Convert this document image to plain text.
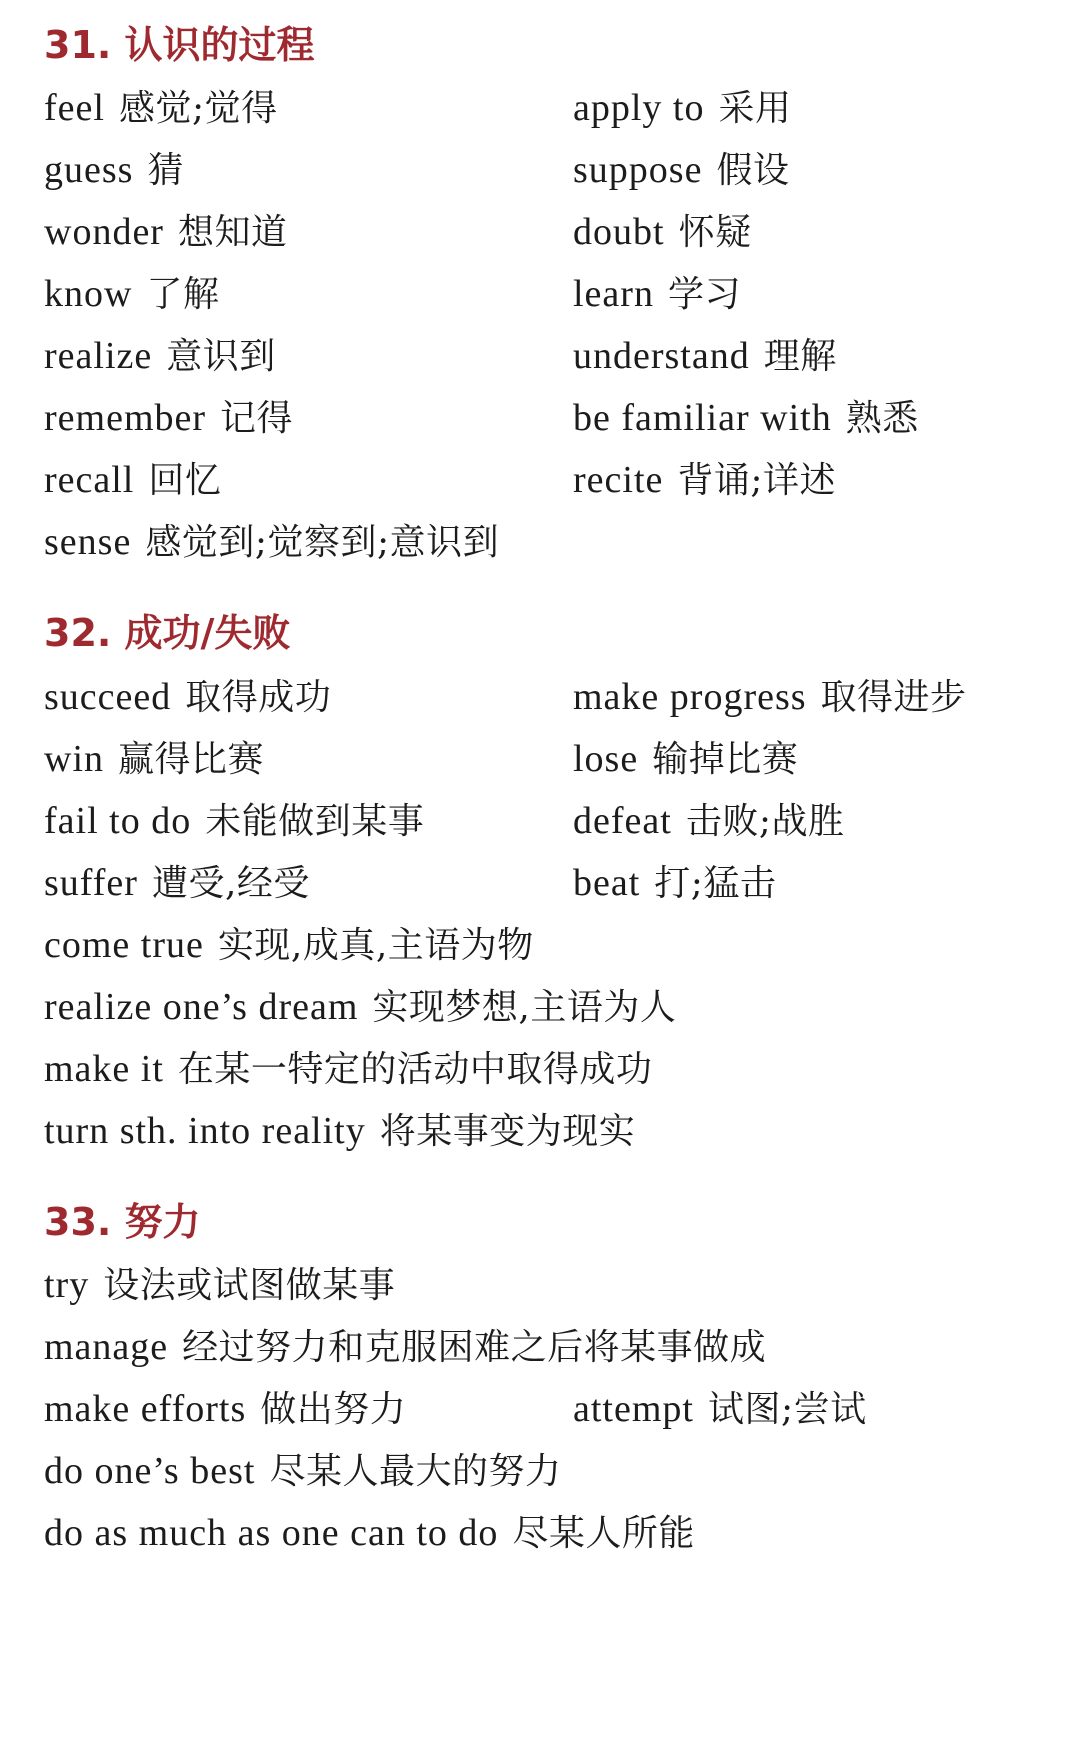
31. 认识的过程
feel 感觉;觉得	apply to 采用
guess 猜	suppose 假设
wonder 想知道	doubt 怀疑
know 了解	learn 学习
realize 意识到	understand 理解
remember 记得	be familiar with 熟悉
recall 回忆	recite 背诵;详述
sense 感觉到;觉察到;意识到
32. 成功/失败
succeed 取得成功	make progress 取得进步
win 赢得比赛	lose 输掉比赛
fail to do 未能做到某事	defeat 击败;战胜
suffer 遭受,经受	beat 打;猛击
come true 实现,成真,主语为物
realize one’s dream 实现梦想,主语为人
make it 在某一特定的活动中取得成功
turn sth. into reality 将某事变为现实
33. 努力
try 设法或试图做某事
manage 经过努力和克服困难之后将某事做成
make efforts 做出努力	attempt 试图;尝试
do one’s best 尽某人最大的努力
do as much as one can to do 尽某人所能
